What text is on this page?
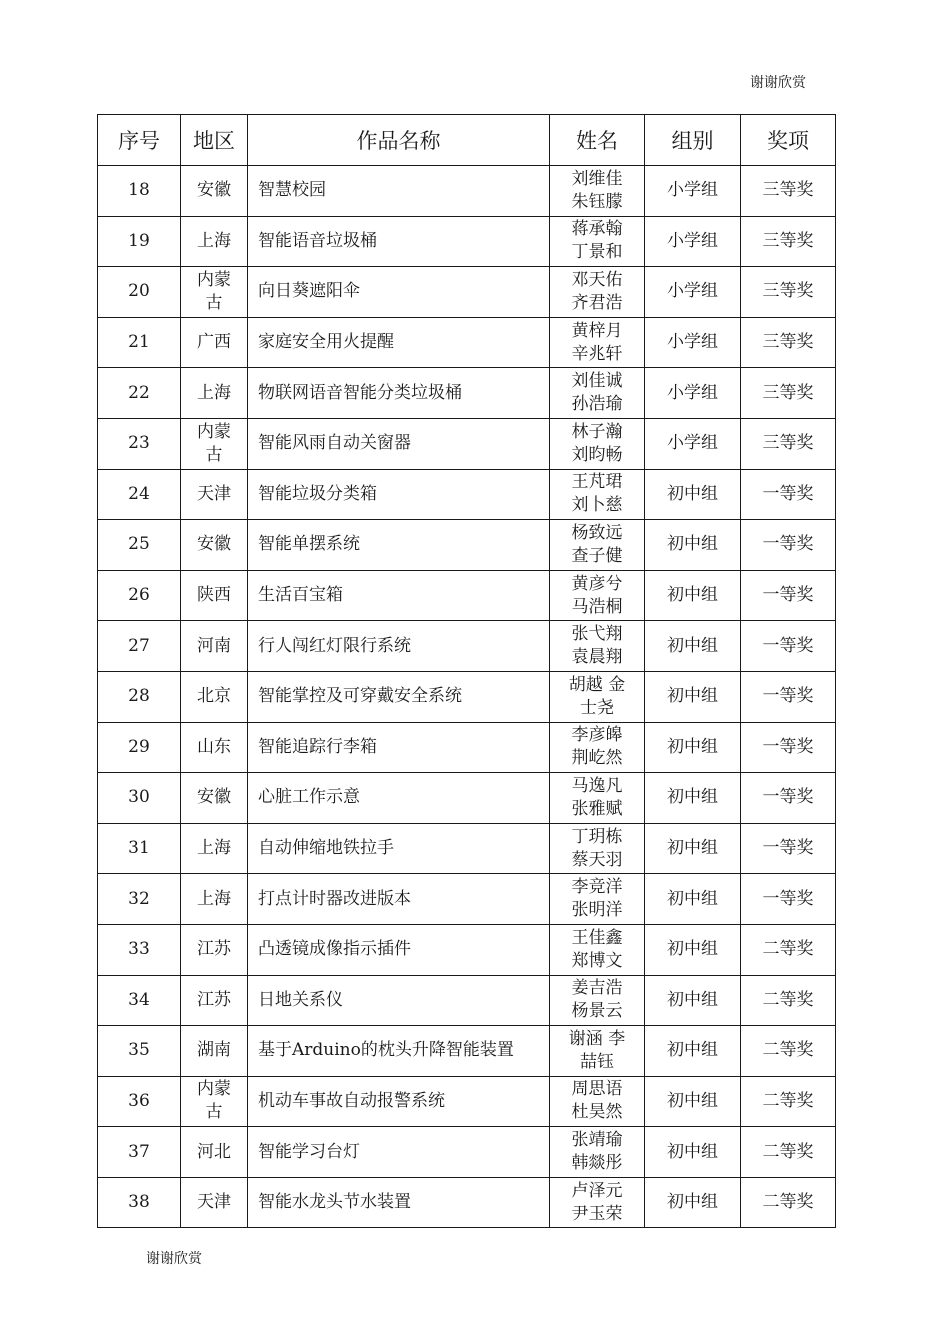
谢谢欣赏
序号	地区	作品名称	姓名	组别	奖项
18	安徽	智慧校园	刘维佳朱钰朦	小学组	三等奖
19	上海	智能语音垃圾桶	蒋承翰丁景和	小学组	三等奖
20	内蒙古	向日葵遮阳伞	邓天佑齐君浩	小学组	三等奖
21	广西	家庭安全用火提醒	黄梓月辛兆轩	小学组	三等奖
22	上海	物联网语音智能分类垃圾桶	刘佳诚孙浩瑜	小学组	三等奖
23	内蒙古	智能风雨自动关窗器	林子瀚刘昀畅	小学组	三等奖
24	天津	智能垃圾分类箱	王芃珺刘卜慈	初中组	一等奖
25	安徽	智能单摆系统	杨致远查子健	初中组	一等奖
26	陕西	生活百宝箱	黄彦兮马浩桐	初中组	一等奖
27	河南	行人闯红灯限行系统	张弋翔袁晨翔	初中组	一等奖
28	北京	智能掌控及可穿戴安全系统	胡越 金士尧	初中组	一等奖
29	山东	智能追踪行李箱	李彦皞荆屹然	初中组	一等奖
30	安徽	心脏工作示意	马逸凡张雅赋	初中组	一等奖
31	上海	自动伸缩地铁拉手	丁玥栋蔡天羽	初中组	一等奖
32	上海	打点计时器改进版本	李竞洋张明洋	初中组	一等奖
33	江苏	凸透镜成像指示插件	王佳鑫郑博文	初中组	二等奖
34	江苏	日地关系仪	姜吉浩杨景云	初中组	二等奖
35	湖南	基于Arduino的枕头升降智能装置	谢涵 李喆钰	初中组	二等奖
36	内蒙古	机动车事故自动报警系统	周思语杜昊然	初中组	二等奖
37	河北	智能学习台灯	张靖瑜韩燚彤	初中组	二等奖
38	天津	智能水龙头节水装置	卢泽元尹玉荣	初中组	二等奖
谢谢欣赏
